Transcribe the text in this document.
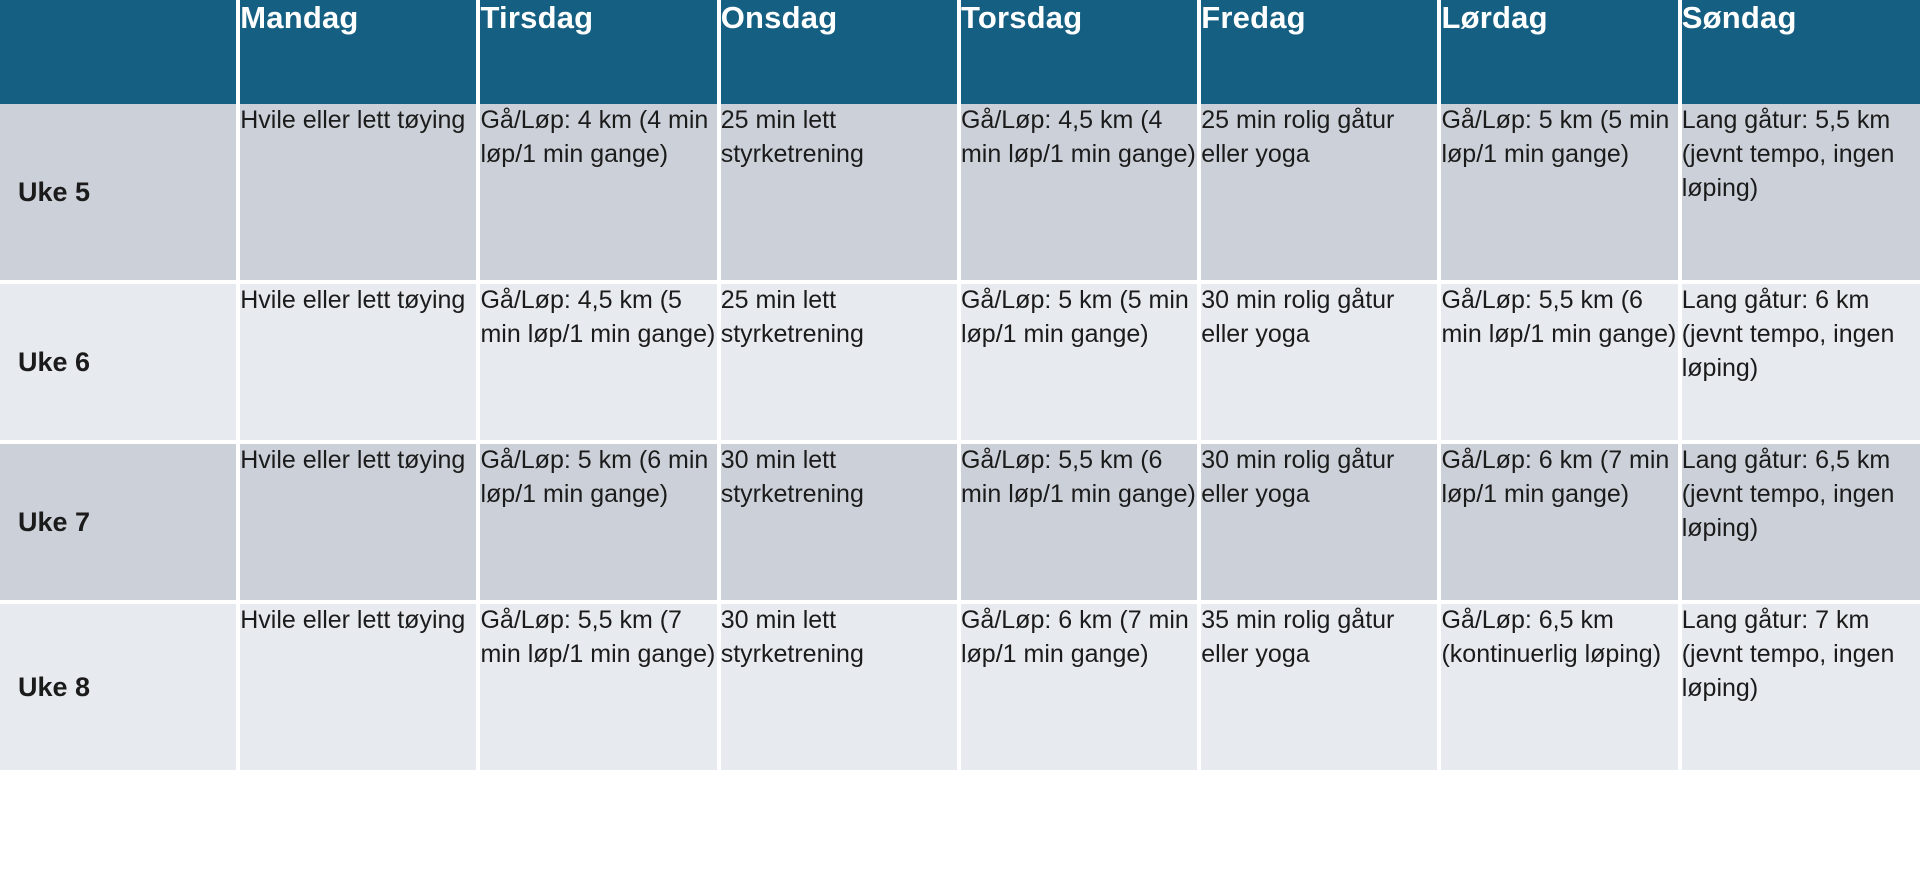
	Mandag	Tirsdag	Onsdag	Torsdag	Fredag	Lørdag	Søndag
Uke 5	Hvile eller lett tøying	Gå/Løp: 4 km (4 min løp/1 min gange)	25 min lett styrketrening	Gå/Løp: 4,5 km (4 min løp/1 min gange)	25 min rolig gåtur eller yoga	Gå/Løp: 5 km (5 min løp/1 min gange)	Lang gåtur: 5,5 km (jevnt tempo, ingen løping)
Uke 6	Hvile eller lett tøying	Gå/Løp: 4,5 km (5 min løp/1 min gange)	25 min lett styrketrening	Gå/Løp: 5 km (5 min løp/1 min gange)	30 min rolig gåtur eller yoga	Gå/Løp: 5,5 km (6 min løp/1 min gange)	Lang gåtur: 6 km (jevnt tempo, ingen løping)
Uke 7	Hvile eller lett tøying	Gå/Løp: 5 km (6 min løp/1 min gange)	30 min lett styrketrening	Gå/Løp: 5,5 km (6 min løp/1 min gange)	30 min rolig gåtur eller yoga	Gå/Løp: 6 km (7 min løp/1 min gange)	Lang gåtur: 6,5 km (jevnt tempo, ingen løping)
Uke 8	Hvile eller lett tøying	Gå/Løp: 5,5 km (7 min løp/1 min gange)	30 min lett styrketrening	Gå/Løp: 6 km (7 min løp/1 min gange)	35 min rolig gåtur eller yoga	Gå/Løp: 6,5 km (kontinuerlig løping)	Lang gåtur: 7 km (jevnt tempo, ingen løping)
